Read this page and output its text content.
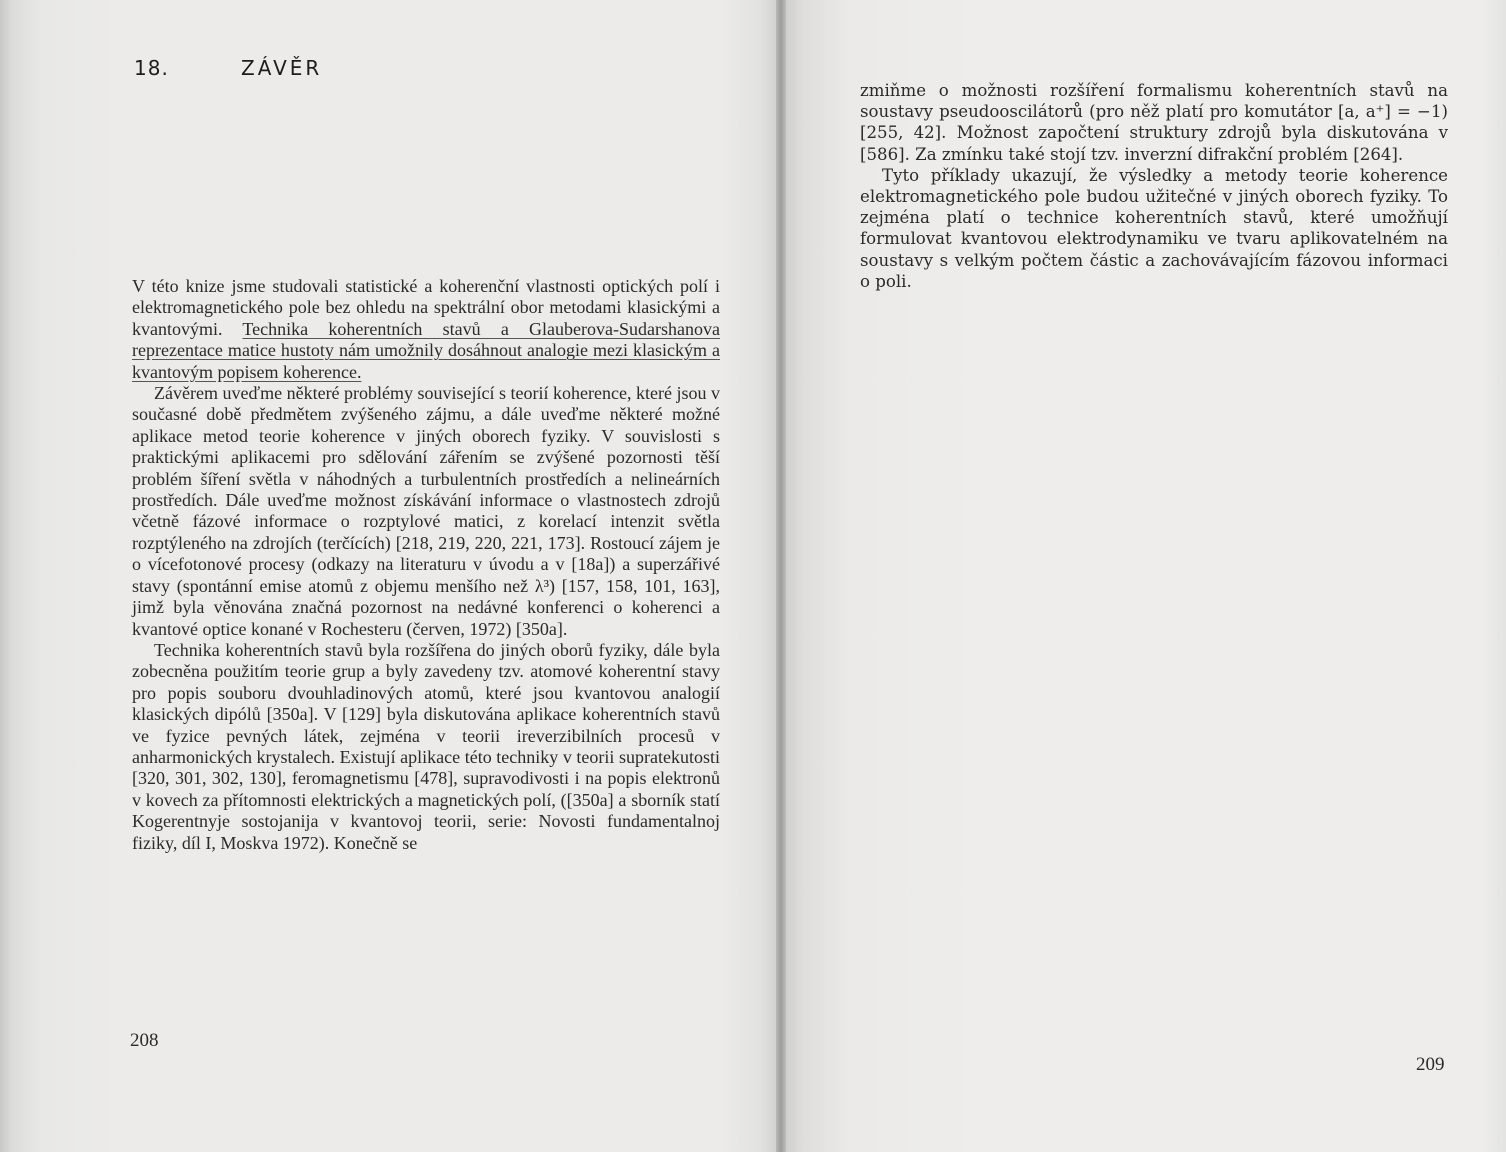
18.	ZÁVĚR

V této knize jsme studovali statistické a koherenční vlastnosti optických polí i elektromagnetického pole bez ohledu na spektrální obor metodami klasickými a kvantovými. Technika koherentních stavů a Glauberova-Sudarshanova reprezentace matice hustoty nám umožnily dosáhnout analogie mezi klasickým a kvantovým popisem koherence.

Závěrem uveďme některé problémy související s teorií koherence, které jsou v současné době předmětem zvýšeného zájmu, a dále uveďme některé možné aplikace metod teorie koherence v jiných oborech fyziky. V souvislosti s praktickými aplikacemi pro sdělování zářením se zvýšené pozornosti těší problém šíření světla v náhodných a turbulentních prostředích a nelineárních prostředích. Dále uveďme možnost získávání informace o vlastnostech zdrojů včetně fázové informace o rozptylové matici, z korelací intenzit světla rozptýleného na zdrojích (terčících) [218, 219, 220, 221, 173]. Rostoucí zájem je o vícefotonové procesy (odkazy na literaturu v úvodu a v [18a]) a superzářivé stavy (spontánní emise atomů z objemu menšího než λ³) [157, 158, 101, 163], jimž byla věnována značná pozornost na nedávné konferenci o koherenci a kvantové optice konané v Rochesteru (červen, 1972) [350a].

Technika koherentních stavů byla rozšířena do jiných oborů fyziky, dále byla zobecněna použitím teorie grup a byly zavedeny tzv. atomové koherentní stavy pro popis souboru dvouhladinových atomů, které jsou kvantovou analogií klasických dipólů [350a]. V [129] byla diskutována aplikace koherentních stavů ve fyzice pevných látek, zejména v teorii ireverzibilních procesů v anharmonických krystalech. Existují aplikace této techniky v teorii supratekutosti [320, 301, 302, 130], feromagnetismu [478], supravodivosti i na popis elektronů v kovech za přítomnosti elektrických a magnetických polí, ([350a] a sborník statí Kogerentnyje sostojanija v kvantovoj teorii, serie: Novosti fundamentalnoj fiziky, díl I, Moskva 1972). Konečně se

208

zmiňme o možnosti rozšíření formalismu koherentních stavů na soustavy pseudooscilátorů (pro něž platí pro komutátor [a, a⁺] = −1) [255, 42]. Možnost započtení struktury zdrojů byla diskutována v [586]. Za zmínku také stojí tzv. inverzní difrakční problém [264].

Tyto příklady ukazují, že výsledky a metody teorie koherence elektromagnetického pole budou užitečné v jiných oborech fyziky. To zejména platí o technice koherentních stavů, které umožňují formulovat kvantovou elektrodynamiku ve tvaru aplikovatelném na soustavy s velkým počtem částic a zachovávajícím fázovou informaci o poli.

209
